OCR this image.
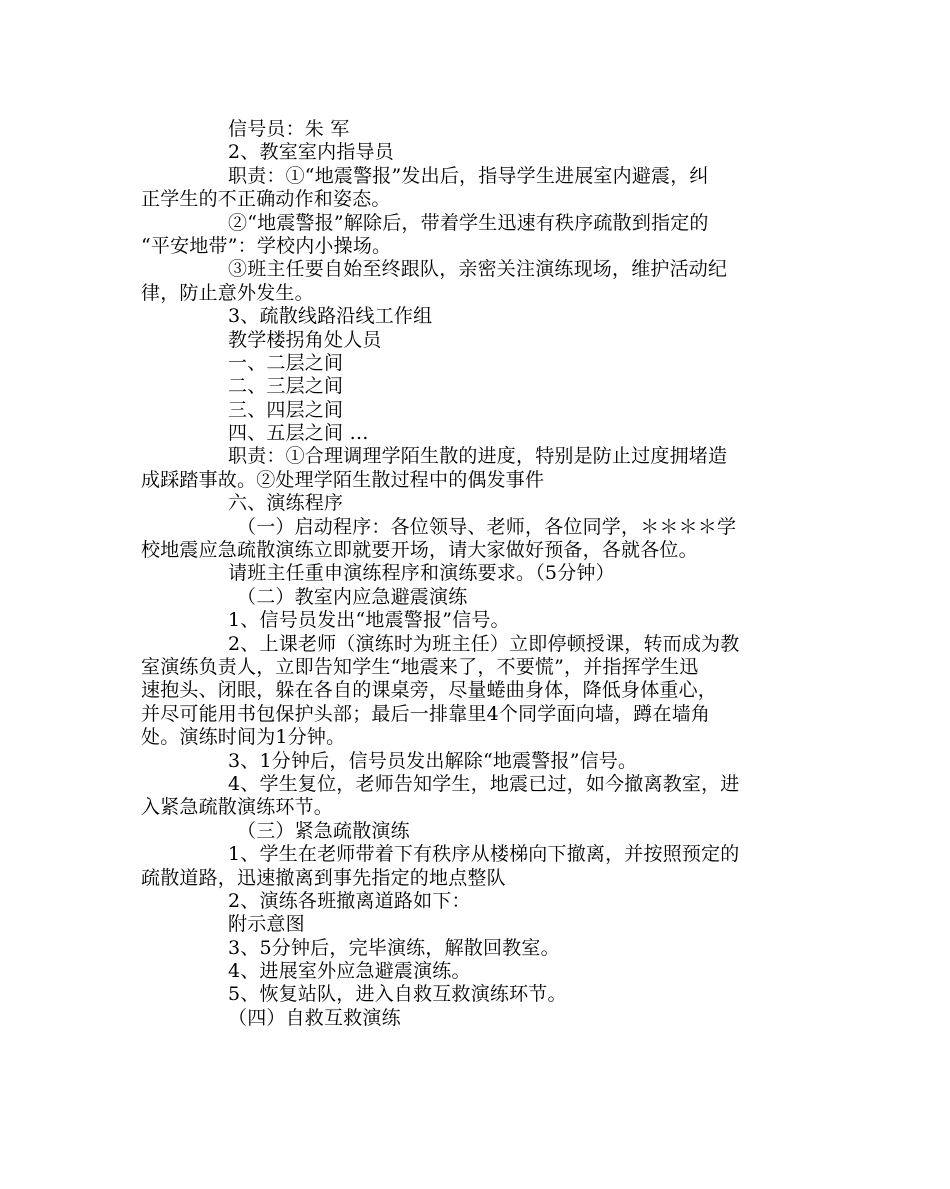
信号员：朱 军
2、教室室内指导员
职责：①“地震警报”发出后，指导学生进展室内避震，纠
正学生的不正确动作和姿态。
②“地震警报”解除后，带着学生迅速有秩序疏散到指定的
“平安地带”：学校内小操场。
③班主任要自始至终跟队，亲密关注演练现场，维护活动纪
律，防止意外发生。
3、疏散线路沿线工作组
教学楼拐角处人员
一、二层之间
二、三层之间
三、四层之间
四、五层之间 …
职责：①合理调理学陌生散的进度，特别是防止过度拥堵造
成踩踏事故。②处理学陌生散过程中的偶发事件
六、演练程序
（一）启动程序：各位领导、老师，各位同学，＊＊＊＊学
校地震应急疏散演练立即就要开场，请大家做好预备，各就各位。
请班主任重申演练程序和演练要求。（5分钟）
（二）教室内应急避震演练
1、信号员发出“地震警报”信号。
2、上课老师（演练时为班主任）立即停顿授课，转而成为教
室演练负责人，立即告知学生“地震来了，不要慌”，并指挥学生迅
速抱头、闭眼，躲在各自的课桌旁，尽量蜷曲身体，降低身体重心，
并尽可能用书包保护头部；最后一排靠里4个同学面向墙，蹲在墙角
处。演练时间为1分钟。
3、1分钟后，信号员发出解除“地震警报”信号。
4、学生复位，老师告知学生，地震已过，如今撤离教室，进
入紧急疏散演练环节。
（三）紧急疏散演练
1、学生在老师带着下有秩序从楼梯向下撤离，并按照预定的
疏散道路，迅速撤离到事先指定的地点整队
2、演练各班撤离道路如下：
附示意图
3、5分钟后，完毕演练，解散回教室。
4、进展室外应急避震演练。
5、恢复站队，进入自救互救演练环节。
（四）自救互救演练
